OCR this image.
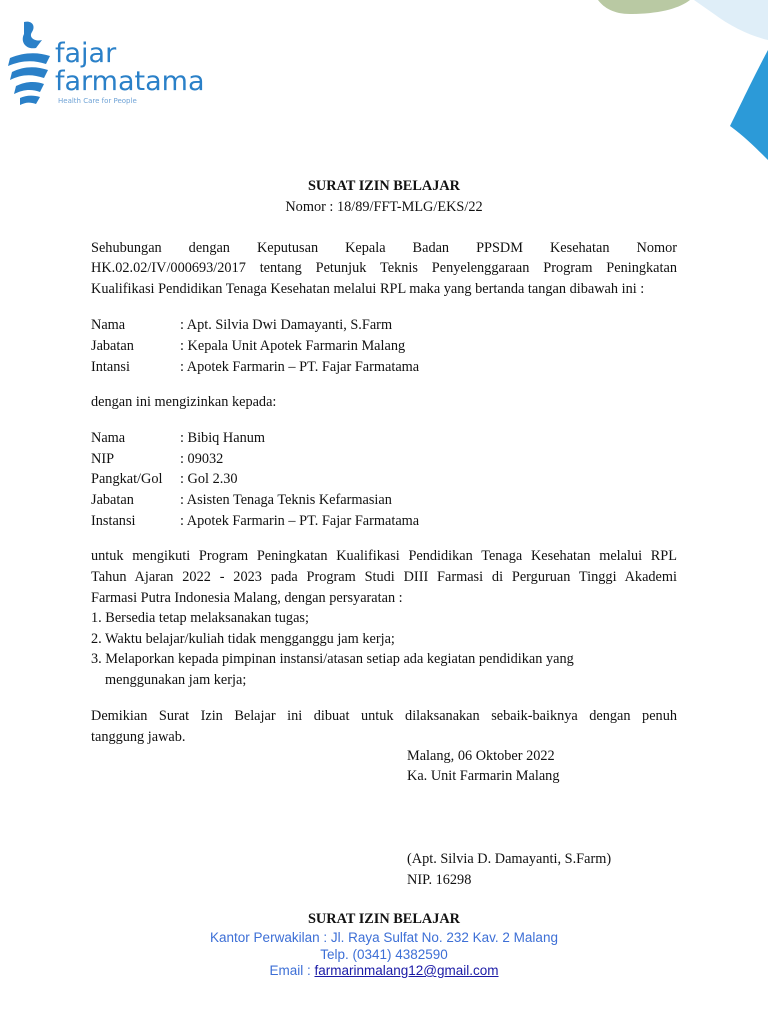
fajar
farmatama
Health Care for People
SURAT IZIN BELAJAR
Nomor : 18/89/FFT-MLG/EKS/22
Sehubungan dengan Keputusan Kepala Badan PPSDM Kesehatan Nomor
HK.02.02/IV/000693/2017 tentang Petunjuk Teknis Penyelenggaraan Program Peningkatan
Kualifikasi Pendidikan Tenaga Kesehatan melalui RPL maka yang bertanda tangan dibawah ini :
Nama	: Apt. Silvia Dwi Damayanti, S.Farm
Jabatan	: Kepala Unit Apotek Farmarin Malang
Intansi	: Apotek Farmarin – PT. Fajar Farmatama
dengan ini mengizinkan kepada:
Nama	: Bibiq Hanum
NIP	: 09032
Pangkat/Gol : Gol 2.30
Jabatan	: Asisten Tenaga Teknis Kefarmasian
Instansi	: Apotek Farmarin – PT. Fajar Farmatama
untuk mengikuti Program Peningkatan Kualifikasi Pendidikan Tenaga Kesehatan melalui RPL
Tahun Ajaran 2022 - 2023 pada Program Studi DIII Farmasi di Perguruan Tinggi Akademi
Farmasi Putra Indonesia Malang, dengan persyaratan :
1. Bersedia tetap melaksanakan tugas;
2. Waktu belajar/kuliah tidak mengganggu jam kerja;
3. Melaporkan kepada pimpinan instansi/atasan setiap ada kegiatan pendidikan yang
menggunakan jam kerja;
Demikian Surat Izin Belajar ini dibuat untuk dilaksanakan sebaik-baiknya dengan penuh
tanggung jawab.
Malang, 06 Oktober 2022
Ka. Unit Farmarin Malang
(Apt. Silvia D. Damayanti, S.Farm)
NIP. 16298
SURAT IZIN BELAJAR
Kantor Perwakilan : Jl. Raya Sulfat No. 232 Kav. 2 Malang
Telp. (0341) 4382590
Email : farmarinmalang12@gmail.com
